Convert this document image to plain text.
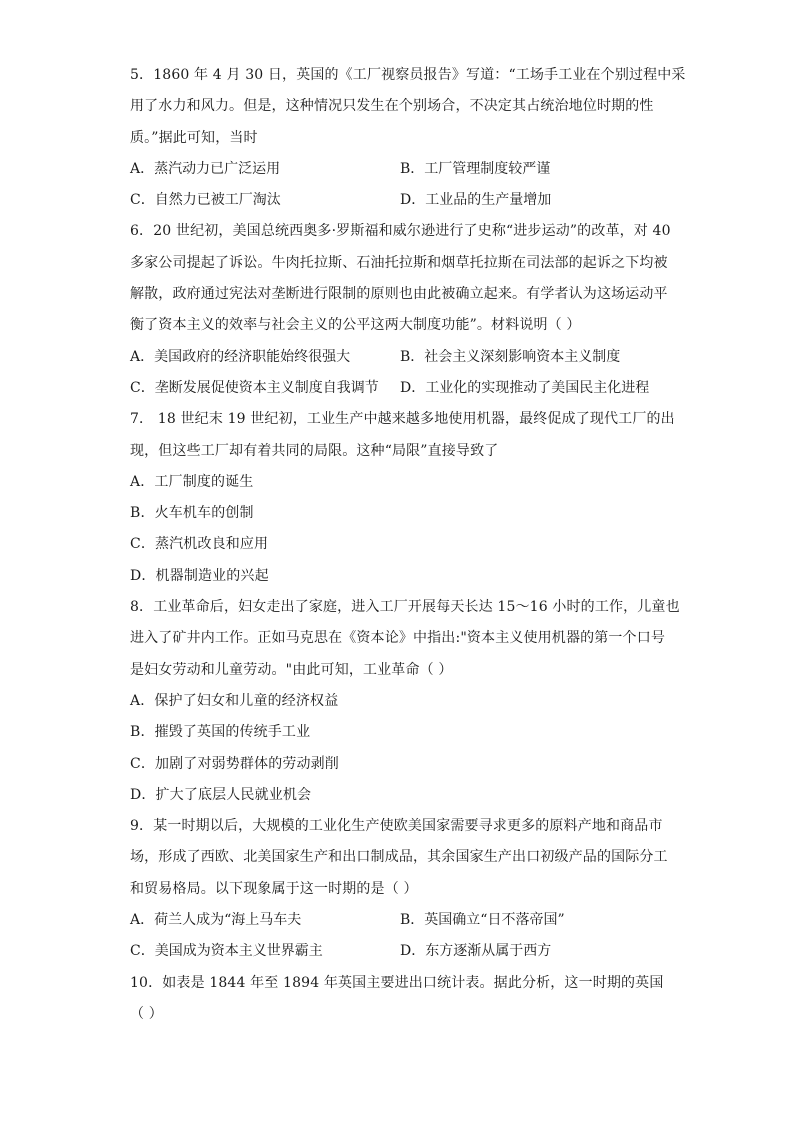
5．1860 年 4 月 30 日，英国的《工厂视察员报告》写道：“工场手工业在个别过程中采
用了水力和风力。但是，这种情况只发生在个别场合，不决定其占统治地位时期的性
质。”据此可知，当时
A．蒸汽动力已广泛运用	B．工厂管理制度较严谨
C．自然力已被工厂淘汰	D．工业品的生产量增加
6．20 世纪初，美国总统西奥多·罗斯福和威尔逊进行了史称“进步运动”的改革，对 40
多家公司提起了诉讼。牛肉托拉斯、石油托拉斯和烟草托拉斯在司法部的起诉之下均被
解散，政府通过宪法对垄断进行限制的原则也由此被确立起来。有学者认为这场运动平
衡了资本主义的效率与社会主义的公平这两大制度功能”。材料说明（ ）
A．美国政府的经济职能始终很强大	B．社会主义深刻影响资本主义制度
C．垄断发展促使资本主义制度自我调节	D．工业化的实现推动了美国民主化进程
7． 18 世纪末 19 世纪初，工业生产中越来越多地使用机器，最终促成了现代工厂的出
现，但这些工厂却有着共同的局限。这种“局限”直接导致了
A．工厂制度的诞生
B．火车机车的创制
C．蒸汽机改良和应用
D．机器制造业的兴起
8．工业革命后，妇女走出了家庭，进入工厂开展每天长达 15～16 小时的工作，儿童也
进入了矿井内工作。正如马克思在《资本论》中指出:"资本主义使用机器的第一个口号
是妇女劳动和儿童劳动。"由此可知，工业革命（ ）
A．保护了妇女和儿童的经济权益
B．摧毁了英国的传统手工业
C．加剧了对弱势群体的劳动剥削
D．扩大了底层人民就业机会
9．某一时期以后，大规模的工业化生产使欧美国家需要寻求更多的原料产地和商品市
场，形成了西欧、北美国家生产和出口制成品，其余国家生产出口初级产品的国际分工
和贸易格局。以下现象属于这一时期的是（ ）
A．荷兰人成为“海上马车夫	B．英国确立“日不落帝国”
C．美国成为资本主义世界霸主	D．东方逐渐从属于西方
10．如表是 1844 年至 1894 年英国主要进出口统计表。据此分析，这一时期的英国
（ ）
